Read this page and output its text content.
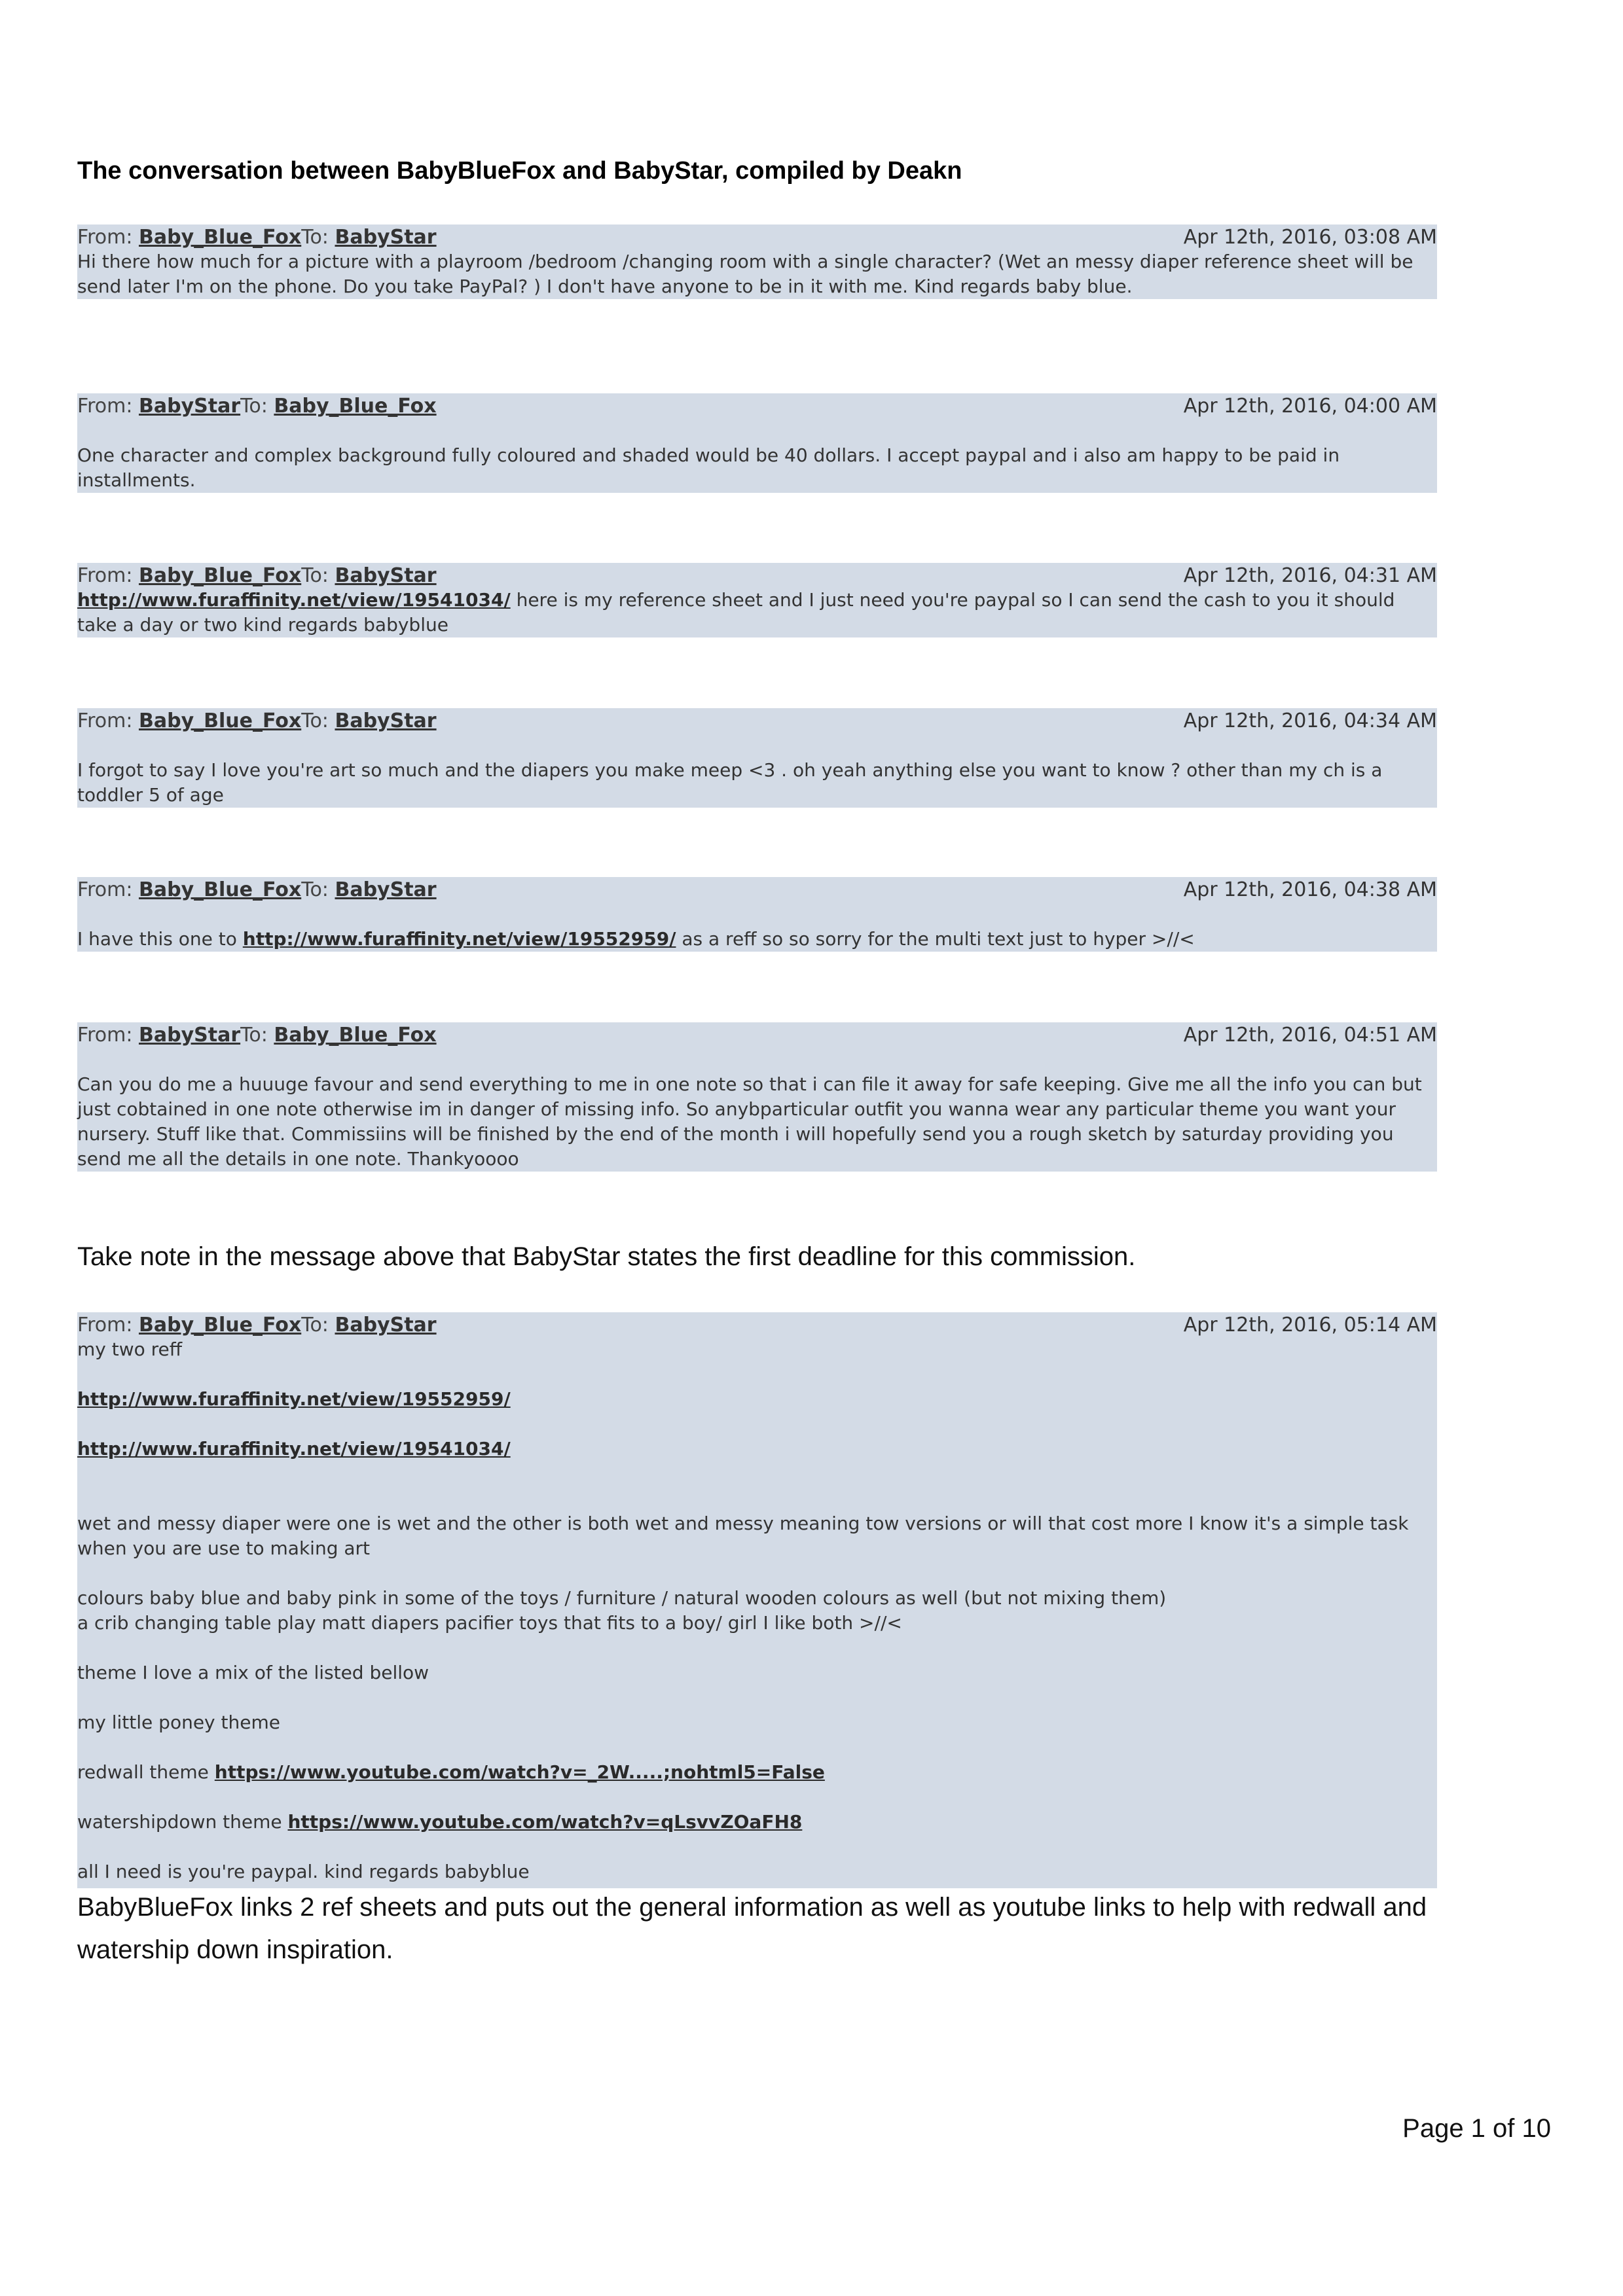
The conversation between BabyBlueFox and BabyStar, compiled by Deakn
From: Baby_Blue_FoxTo: BabyStar	Apr 12th, 2016, 03:08 AM

Hi there how much for a picture with a playroom /bedroom /changing room with a single character? (Wet an messy diaper reference sheet will be send later I'm on the phone. Do you take PayPal? ) I don't have anyone to be in it with me. Kind regards baby blue.

From: BabyStarTo: Baby_Blue_Fox	Apr 12th, 2016, 04:00 AM

One character and complex background fully coloured and shaded would be 40 dollars. I accept paypal and i also am happy to be paid in installments.

From: Baby_Blue_FoxTo: BabyStar	Apr 12th, 2016, 04:31 AM

http://www.furaffinity.net/view/19541034/ here is my reference sheet and I just need you're paypal so I can send the cash to you it should take a day or two kind regards babyblue

From: Baby_Blue_FoxTo: BabyStar	Apr 12th, 2016, 04:34 AM

I forgot to say I love you're art so much and the diapers you make meep <3 . oh yeah anything else you want to know ? other than my ch is a toddler 5 of age

From: Baby_Blue_FoxTo: BabyStar	Apr 12th, 2016, 04:38 AM

I have this one to http://www.furaffinity.net/view/19552959/ as a reff so so sorry for the multi text just to hyper >//<

From: BabyStarTo: Baby_Blue_Fox	Apr 12th, 2016, 04:51 AM

Can you do me a huuuge favour and send everything to me in one note so that i can file it away for safe keeping. Give me all the info you can but just cobtained in one note otherwise im in danger of missing info. So anybparticular outfit you wanna wear any particular theme you want your nursery. Stuff like that. Commissiins will be finished by the end of the month i will hopefully send you a rough sketch by saturday providing you send me all the details in one note. Thankyoooo

Take note in the message above that BabyStar states the first deadline for this commission.

From: Baby_Blue_FoxTo: BabyStar	Apr 12th, 2016, 05:14 AM

my two reff

http://www.furaffinity.net/view/19552959/

http://www.furaffinity.net/view/19541034/

wet and messy diaper were one is wet and the other is both wet and messy meaning tow versions or will that cost more I know it's a simple task when you are use to making art

colours baby blue and baby pink in some of the toys / furniture / natural wooden colours as well (but not mixing them)

a crib changing table play matt diapers pacifier toys that fits to a boy/ girl I like both >//<

theme I love a mix of the listed bellow

my little poney theme

redwall theme https://www.youtube.com/watch?v=_2W.....;nohtml5=False

watershipdown theme https://www.youtube.com/watch?v=qLsvvZOaFH8

all I need is you're paypal. kind regards babyblue

BabyBlueFox links 2 ref sheets and puts out the general information as well as youtube links to help with redwall and watership down inspiration.

Page 1 of 10
